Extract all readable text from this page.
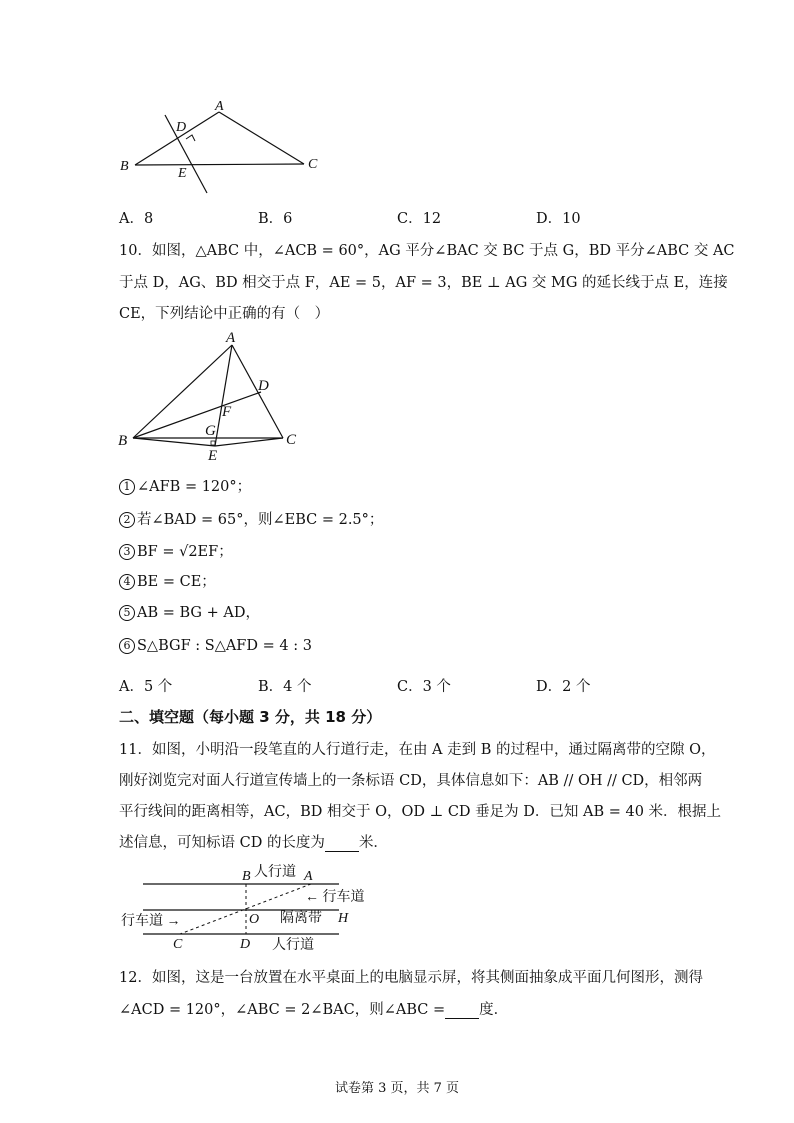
A
B	C
D
E
A．8	B．6	C．12	D．10
10．如图，△ABC 中，∠ACB = 60°，AG 平分∠BAC 交 BC 于点 G，BD 平分∠ABC 交 AC
于点 D，AG、BD 相交于点 F，AE = 5，AF = 3，BE ⊥ AG 交 MG 的延长线于点 E，连接
CE，下列结论中正确的有（　）
A
B	C
D
F
G
E
1 ∠AFB = 120°；
2 若∠BAD = 65°，则∠EBC = 2.5°；
3 BF = √2EF；
4 BE = CE；
5 AB = BG + AD，
6 S△BGF : S△AFD = 4 : 3
A．5 个	B．4 个	C．3 个	D．2 个
二、填空题（每小题 3 分，共 18 分）
11．如图，小明沿一段笔直的人行道行走，在由 A 走到 B 的过程中，通过隔离带的空隙 O，
刚好浏览完对面人行道宣传墙上的一条标语 CD，具体信息如下：AB // OH // CD，相邻两
平行线间的距离相等，AC，BD 相交于 O，OD ⊥ CD 垂足为 D．已知 AB = 40 米．根据上
述信息，可知标语 CD 的长度为 米．
B 人行道 A
← 行车道
行车道 →	O 隔离带 H
C	D 人行道
12．如图，这是一台放置在水平桌面上的电脑显示屏，将其侧面抽象成平面几何图形，测得
∠ACD = 120°，∠ABC = 2∠BAC，则∠ABC = 度．
试卷第 3 页，共 7 页
